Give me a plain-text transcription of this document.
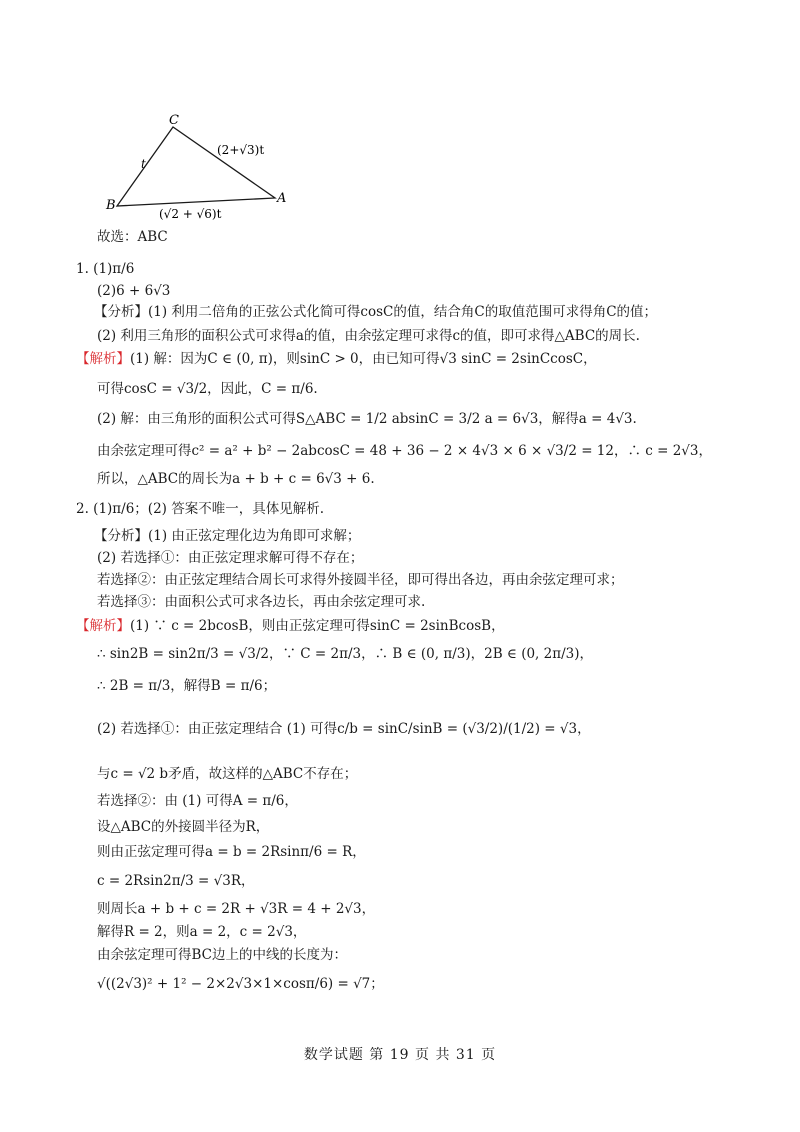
C
B	A
t
(2+√3)t
(√2 + √6)t
故选：ABC
1. (1)π/6
(2)6 + 6√3
【分析】(1) 利用二倍角的正弦公式化简可得cosC的值，结合角C的取值范围可求得角C的值；
(2) 利用三角形的面积公式可求得a的值，由余弦定理可求得c的值，即可求得△ABC的周长.
【解析】(1) 解：因为C ∈ (0, π)，则sinC > 0，由已知可得√3 sinC = 2sinCcosC，
可得cosC = √3/2，因此，C = π/6.
(2) 解：由三角形的面积公式可得S△ABC = 1/2 absinC = 3/2 a = 6√3，解得a = 4√3.
由余弦定理可得c² = a² + b² − 2abcosC = 48 + 36 − 2 × 4√3 × 6 × √3/2 = 12，∴ c = 2√3，
所以，△ABC的周长为a + b + c = 6√3 + 6.
2. (1)π/6；(2) 答案不唯一，具体见解析.
【分析】(1) 由正弦定理化边为角即可求解；
(2) 若选择①：由正弦定理求解可得不存在；
若选择②：由正弦定理结合周长可求得外接圆半径，即可得出各边，再由余弦定理可求；
若选择③：由面积公式可求各边长，再由余弦定理可求.
【解析】(1) ∵ c = 2bcosB，则由正弦定理可得sinC = 2sinBcosB，
∴ sin2B = sin2π/3 = √3/2，∵ C = 2π/3，∴ B ∈ (0, π/3)，2B ∈ (0, 2π/3)，
∴ 2B = π/3，解得B = π/6；
(2) 若选择①：由正弦定理结合 (1) 可得c/b = sinC/sinB = (√3/2)/(1/2) = √3，
与c = √2 b矛盾，故这样的△ABC不存在；
若选择②：由 (1) 可得A = π/6，
设△ABC的外接圆半径为R，
则由正弦定理可得a = b = 2Rsinπ/6 = R，
c = 2Rsin2π/3 = √3R，
则周长a + b + c = 2R + √3R = 4 + 2√3，
解得R = 2，则a = 2，c = 2√3，
由余弦定理可得BC边上的中线的长度为：
√((2√3)² + 1² − 2×2√3×1×cosπ/6) = √7；
数学试题 第 19 页 共 31 页
